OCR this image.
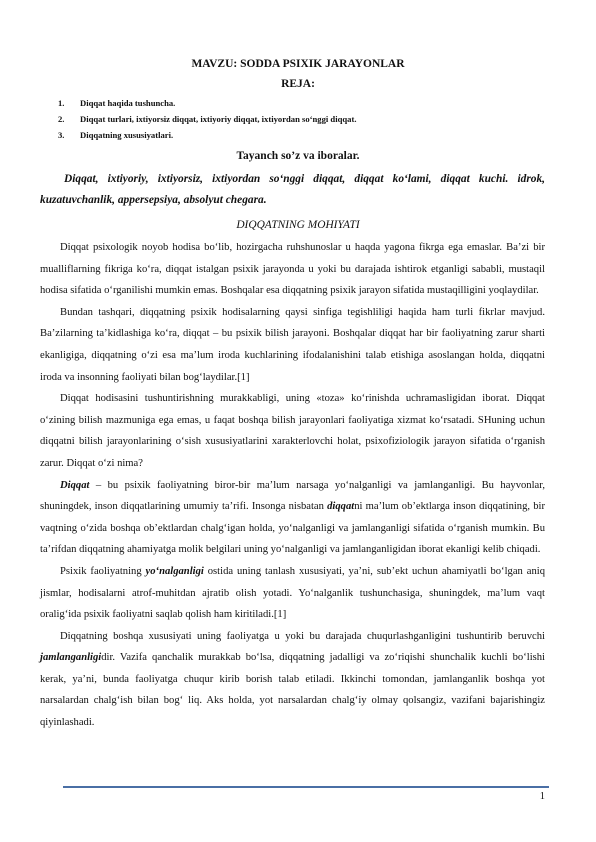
MAVZU: SODDA PSIXIK JARAYONLAR
REJA:
1.	Diqqat haqida tushuncha.
2.	Diqqat turlari, ixtiyorsiz diqqat, ixtiyoriy diqqat, ixtiyordan so‘nggi diqqat.
3.	Diqqatning xususiyatlari.
Tayanch so’z va iboralar.
Diqqat, ixtiyoriy, ixtiyorsiz, ixtiyordan so‘nggi diqqat, diqqat ko‘lami, diqqat kuchi. idrok, kuzatuvchanlik, appersepsiya, absolyut chegara.
DIQQATNING MOHIYATI

Diqqat psixologik noyob hodisa bo‘lib, hozirgacha ruhshunoslar u haqda yagona fikrga ega emaslar. Ba’zi bir mualliflarning fikriga ko‘ra, diqqat istalgan psixik jarayonda u yoki bu darajada ishtirok etganligi sababli, mustaqil hodisa sifatida o‘rganilishi mumkin emas. Boshqalar esa diqqatning psixik jarayon sifatida mustaqilligini yoqlaydilar.

Bundan tashqari, diqqatning psixik hodisalarning qaysi sinfiga tegishliligi haqida ham turli fikrlar mavjud. Ba’zilarning ta’kidlashiga ko‘ra, diqqat – bu psixik bilish jarayoni. Boshqalar diqqat har bir faoliyatning zarur sharti ekanligiga, diqqatning o‘zi esa ma’lum iroda kuchlarining ifodalanishini talab etishiga asoslangan holda, diqqatni iroda va insonning faoliyati bilan bog‘laydilar.[1]

Diqqat hodisasini tushuntirishning murakkabligi, uning «toza» ko‘rinishda uchramasligidan iborat. Diqqat o‘zining bilish mazmuniga ega emas, u faqat boshqa bilish jarayonlari faoliyatiga xizmat ko‘rsatadi. SHuning uchun diqqatni bilish jarayonlarining o‘sish xususiyatlarini xarakterlovchi holat, psixofiziologik jarayon sifatida o‘rganish zarur. Diqqat o‘zi nima?

Diqqat – bu psixik faoliyatning biror-bir ma’lum narsaga yo‘nalganligi va jamlanganligi. Bu hayvonlar, shuningdek, inson diqqatlarining umumiy ta’rifi. Insonga nisbatan diqqatni ma’lum ob’ektlarga inson diqqatining, bir vaqtning o‘zida boshqa ob’ektlardan chalg‘igan holda, yo‘nalganligi va jamlanganligi sifatida o‘rganish mumkin. Bu ta’rifdan diqqatning ahamiyatga molik belgilari uning yo‘nalganligi va jamlanganligidan iborat ekanligi kelib chiqadi.

Psixik faoliyatning yo‘nalganligi ostida uning tanlash xususiyati, ya’ni, sub’ekt uchun ahamiyatli bo‘lgan aniq jismlar, hodisalarni atrof-muhitdan ajratib olish yotadi. Yo‘nalganlik tushunchasiga, shuningdek, ma’lum vaqt oralig‘ida psixik faoliyatni saqlab qolish ham kiritiladi.[1]

Diqqatning boshqa xususiyati uning faoliyatga u yoki bu darajada chuqurlashganligini tushuntirib beruvchi jamlanganligidir. Vazifa qanchalik murakkab bo‘lsa, diqqatning jadalligi va zo‘riqishi shunchalik kuchli bo‘lishi kerak, ya’ni, bunda faoliyatga chuqur kirib borish talab etiladi. Ikkinchi tomondan, jamlanganlik boshqa yot narsalardan chalg‘ish bilan bog‘ liq. Aks holda, yot narsalardan chalg‘iy olmay qolsangiz, vazifani bajarishingiz qiyinlashadi.

1
